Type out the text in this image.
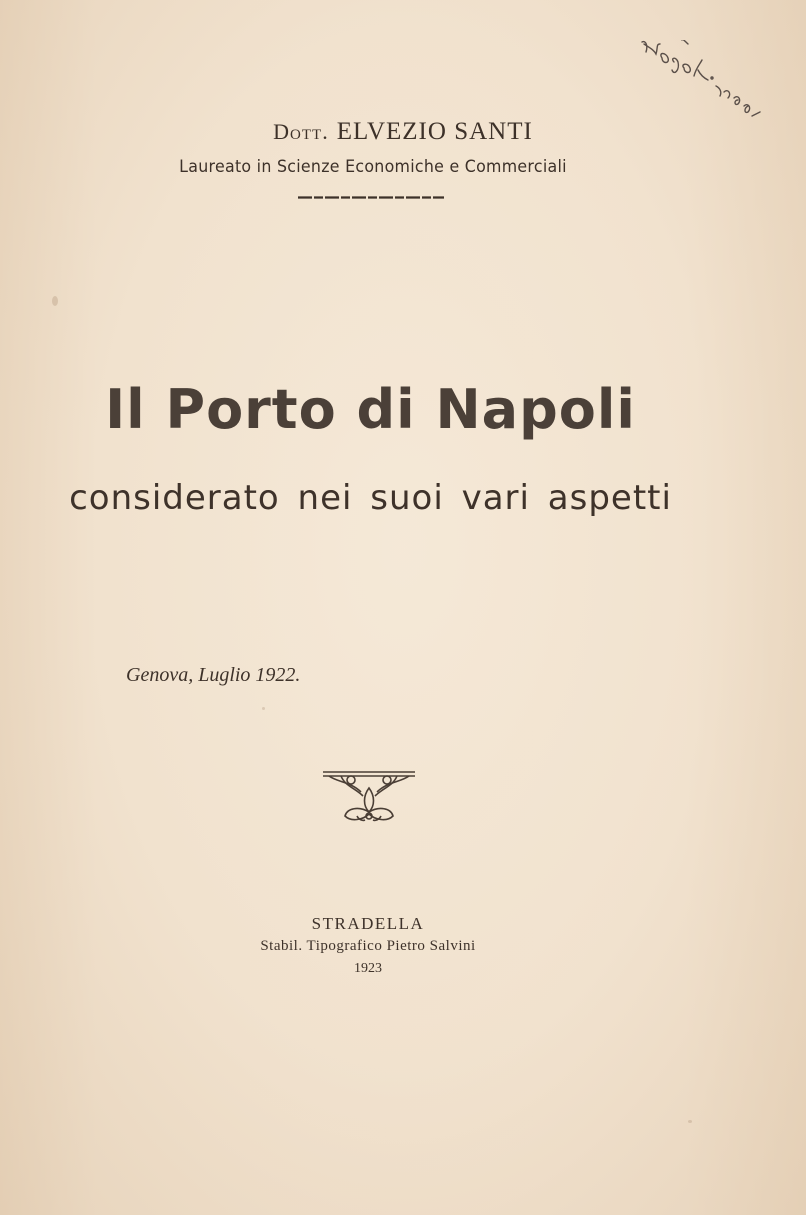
Dott. ELVEZIO SANTI
Laureato in Scienze Economiche e Commerciali
Il Porto di Napoli
considerato nei suoi vari aspetti
Genova, Luglio 1922.
STRADELLA
Stabil. Tipografico Pietro Salvini
1923
